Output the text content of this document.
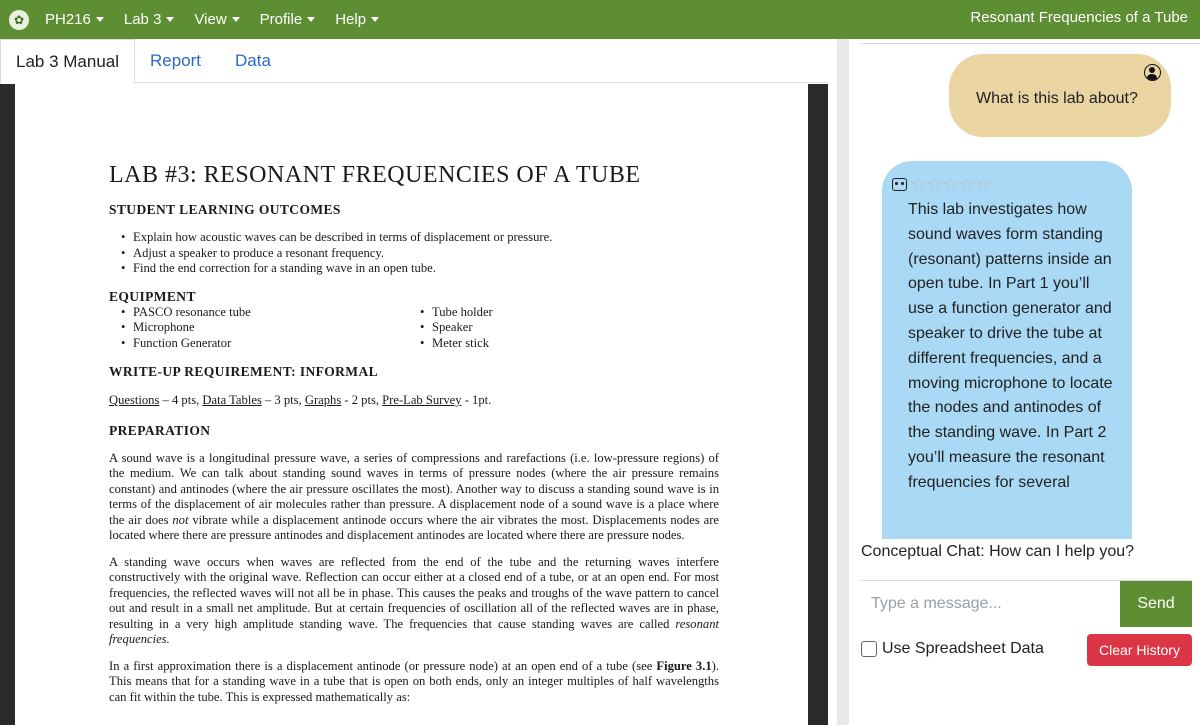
✿ PH216 Lab 3 View Profile Help	Resonant Frequencies of a Tube
Lab 3 Manual	Report Data
LAB #3: RESONANT FREQUENCIES OF A TUBE
STUDENT LEARNING OUTCOMES
• Explain how acoustic waves can be described in terms of displacement or pressure.
• Adjust a speaker to produce a resonant frequency.
• Find the end correction for a standing wave in an open tube.
EQUIPMENT
• PASCO resonance tube
• Microphone
• Function Generator
• Tube holder
• Speaker
• Meter stick
WRITE-UP REQUIREMENT: INFORMAL
Questions – 4 pts, Data Tables – 3 pts, Graphs - 2 pts, Pre-Lab Survey - 1pt.
PREPARATION

A sound wave is a longitudinal pressure wave, a series of compressions and rarefactions (i.e. low-pressure regions) of the medium. We can talk about standing sound waves in terms of pressure nodes (where the air pressure remains constant) and antinodes (where the air pressure oscillates the most). Another way to discuss a standing sound wave is in terms of the displacement of air molecules rather than pressure. A displacement node of a sound wave is a place where the air does not vibrate while a displacement antinode occurs where the air vibrates the most. Displacements nodes are located where there are pressure antinodes and displacement antinodes are located where there are pressure nodes.

A standing wave occurs when waves are reflected from the end of the tube and the returning waves interfere constructively with the original wave. Reflection can occur either at a closed end of a tube, or at an open end. For most frequencies, the reflected waves will not all be in phase. This causes the peaks and troughs of the wave pattern to cancel out and result in a small net amplitude. But at certain frequencies of oscillation all of the reflected waves are in phase, resulting in a very high amplitude standing wave. The frequencies that cause standing waves are called resonant frequencies.

In a first approximation there is a displacement antinode (or pressure node) at an open end of a tube (see Figure 3.1). This means that for a standing wave in a tube that is open on both ends, only an integer multiples of half wavelengths can fit within the tube. This is expressed mathematically as:

What is this lab about?
☆☆☆☆☆
This lab investigates how sound waves form standing (resonant) patterns inside an open tube. In Part 1 you’ll use a function generator and speaker to drive the tube at different frequencies, and a moving microphone to locate the nodes and antinodes of the standing wave. In Part 2 you’ll measure the resonant frequencies for several
Conceptual Chat: How can I help you?
Type a message...
Send
Use Spreadsheet Data	Clear History
